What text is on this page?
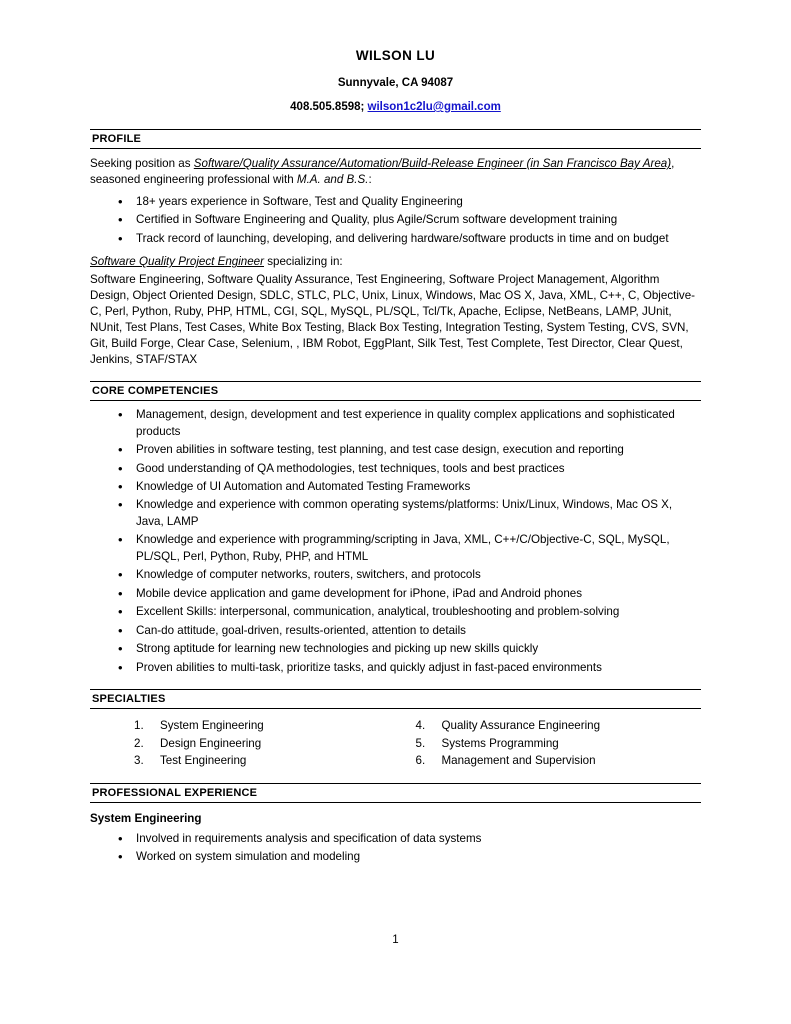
WILSON LU
Sunnyvale, CA 94087
408.505.8598; wilson1c2lu@gmail.com
PROFILE
Seeking position as Software/Quality Assurance/Automation/Build-Release Engineer (in San Francisco Bay Area), seasoned engineering professional with M.A. and B.S.:
• 18+ years experience in Software, Test and Quality Engineering
• Certified in Software Engineering and Quality, plus Agile/Scrum software development training
• Track record of launching, developing, and delivering hardware/software products in time and on budget
Software Quality Project Engineer specializing in:
Software Engineering, Software Quality Assurance, Test Engineering, Software Project Management, Algorithm Design, Object Oriented Design, SDLC, STLC, PLC, Unix, Linux, Windows, Mac OS X, Java, XML, C++, C, Objective-C, Perl, Python, Ruby, PHP, HTML, CGI, SQL, MySQL, PL/SQL, Tcl/Tk, Apache, Eclipse, NetBeans, LAMP, JUnit, NUnit, Test Plans, Test Cases, White Box Testing, Black Box Testing, Integration Testing, System Testing, CVS, SVN, Git, Build Forge, Clear Case, Selenium, , IBM Robot, EggPlant, Silk Test, Test Complete, Test Director, Clear Quest, Jenkins, STAF/STAX
CORE COMPETENCIES
• Management, design, development and test experience in quality complex applications and sophisticated products
• Proven abilities in software testing, test planning, and test case design, execution and reporting
• Good understanding of QA methodologies, test techniques, tools and best practices
• Knowledge of UI Automation and Automated Testing Frameworks
• Knowledge and experience with common operating systems/platforms: Unix/Linux, Windows, Mac OS X, Java, LAMP
• Knowledge and experience with programming/scripting in Java, XML, C++/C/Objective-C, SQL, MySQL, PL/SQL, Perl, Python, Ruby, PHP, and HTML
• Knowledge of computer networks, routers, switchers, and protocols
• Mobile device application and game development for iPhone, iPad and Android phones
• Excellent Skills: interpersonal, communication, analytical, troubleshooting and problem-solving
• Can-do attitude, goal-driven, results-oriented, attention to details
• Strong aptitude for learning new technologies and picking up new skills quickly
• Proven abilities to multi-task, prioritize tasks, and quickly adjust in fast-paced environments
SPECIALTIES
1.	System Engineering
2.	Design Engineering
3.	Test Engineering
4.	Quality Assurance Engineering
5.	Systems Programming
6.	Management and Supervision
PROFESSIONAL EXPERIENCE
System Engineering
• Involved in requirements analysis and specification of data systems
• Worked on system simulation and modeling
1
